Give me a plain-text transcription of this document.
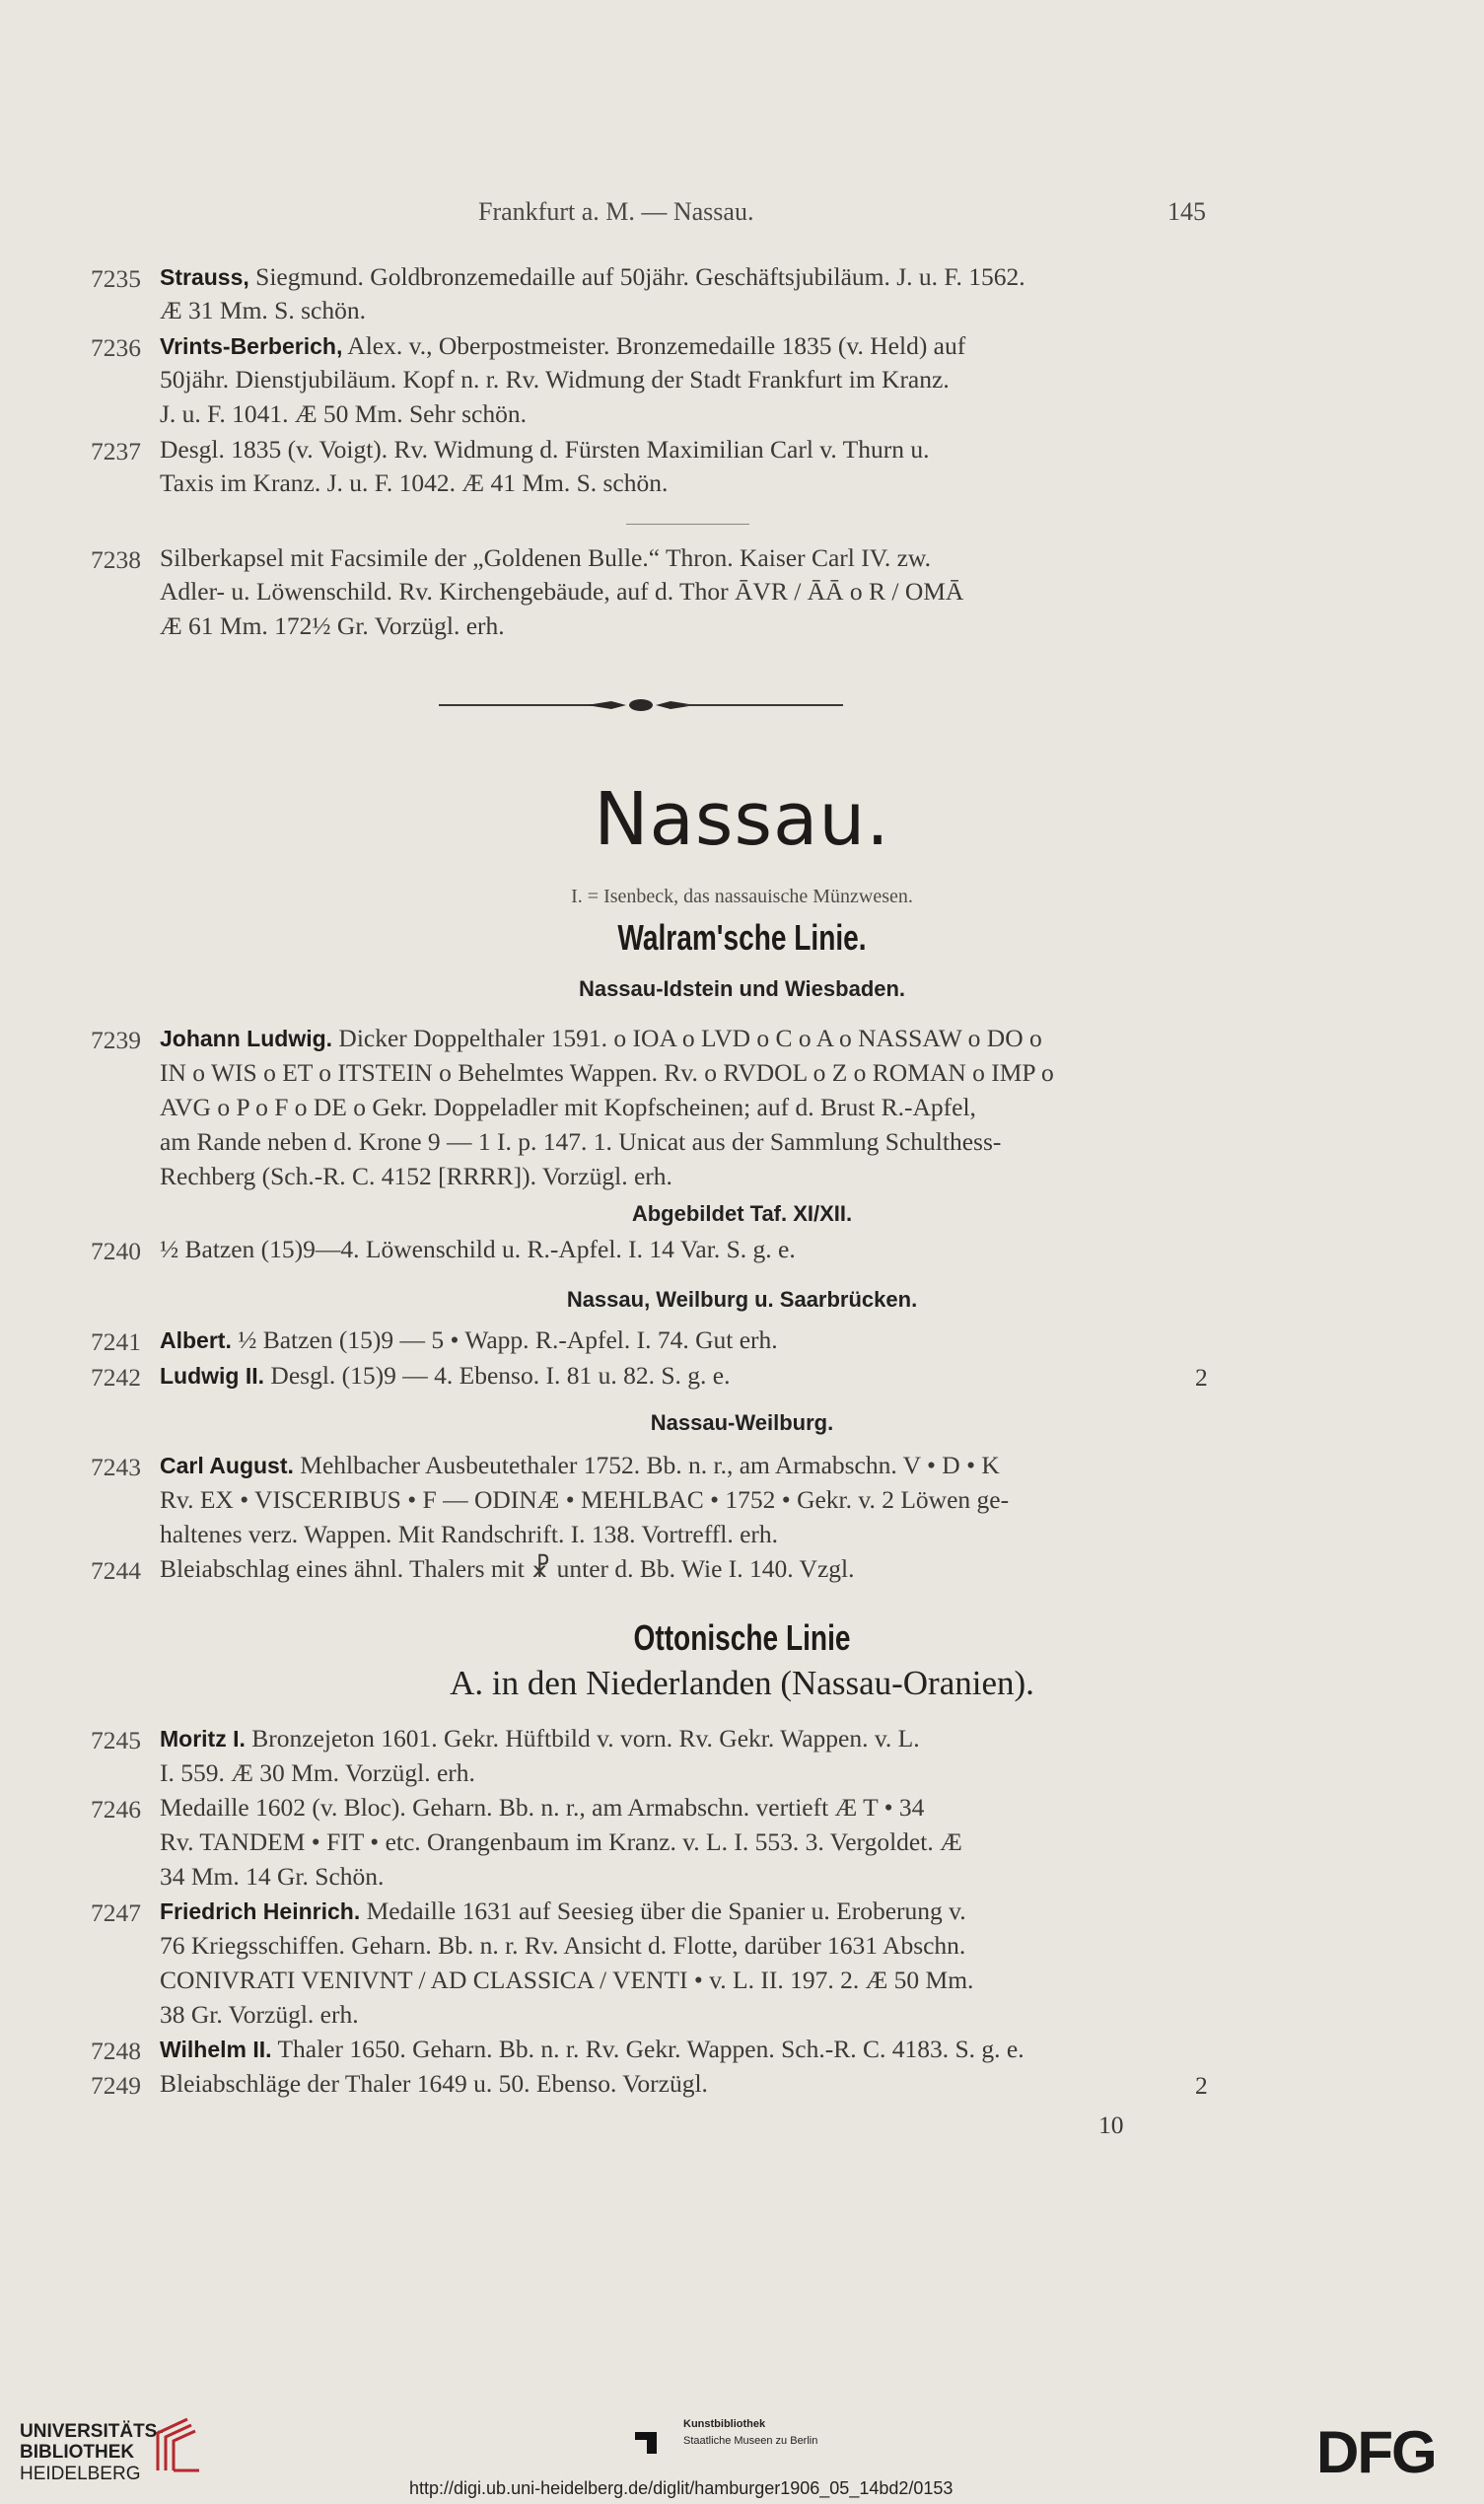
Frankfurt a. M. — Nassau.	145
7235 Strauss, Siegmund. Goldbronzemedaille auf 50jähr. Geschäftsjubiläum. J. u. F. 1562.
Æ 31 Mm. S. schön.
7236 Vrints-Berberich, Alex. v., Oberpostmeister. Bronzemedaille 1835 (v. Held) auf
50jähr. Dienstjubiläum. Kopf n. r. Rv. Widmung der Stadt Frankfurt im Kranz.
J. u. F. 1041. Æ 50 Mm. Sehr schön.
7237 Desgl. 1835 (v. Voigt). Rv. Widmung d. Fürsten Maximilian Carl v. Thurn u.
Taxis im Kranz. J. u. F. 1042. Æ 41 Mm. S. schön.
7238 Silberkapsel mit Facsimile der „Goldenen Bulle.“ Thron. Kaiser Carl IV. zw.
Adler- u. Löwenschild. Rv. Kirchengebäude, auf d. Thor ĀVR / ĀĀ o R / OMĀ
Æ 61 Mm. 172½ Gr. Vorzügl. erh.
Nassau.
I. = Isenbeck, das nassauische Münzwesen.
Walram'sche Linie.
Nassau-Idstein und Wiesbaden.
7239 Johann Ludwig. Dicker Doppelthaler 1591. o IOA o LVD o C o A o NASSAW o DO o
IN o WIS o ET o ITSTEIN o Behelmtes Wappen. Rv. o RVDOL o Z o ROMAN o IMP o
AVG o P o F o DE o Gekr. Doppeladler mit Kopfscheinen; auf d. Brust R.-Apfel,
am Rande neben d. Krone 9 — 1 I. p. 147. 1. Unicat aus der Sammlung Schulthess-
Rechberg (Sch.-R. C. 4152 [RRRR]). Vorzügl. erh.
Abgebildet Taf. XI/XII.
7240 ½ Batzen (15)9—4. Löwenschild u. R.-Apfel. I. 14 Var. S. g. e.
Nassau, Weilburg u. Saarbrücken.
7241 Albert. ½ Batzen (15)9 — 5 • Wapp. R.-Apfel. I. 74. Gut erh.
7242 Ludwig II. Desgl. (15)9 — 4. Ebenso. I. 81 u. 82. S. g. e.	2
Nassau-Weilburg.
7243 Carl August. Mehlbacher Ausbeutethaler 1752. Bb. n. r., am Armabschn. V • D • K
Rv. EX • VISCERIBUS • F — ODINÆ • MEHLBAC • 1752 • Gekr. v. 2 Löwen ge-
haltenes verz. Wappen. Mit Randschrift. I. 138. Vortreffl. erh.
7244 Bleiabschlag eines ähnl. Thalers mit ☧ unter d. Bb. Wie I. 140. Vzgl.
Ottonische Linie
A. in den Niederlanden (Nassau-Oranien).
7245 Moritz I. Bronzejeton 1601. Gekr. Hüftbild v. vorn. Rv. Gekr. Wappen. v. L.
I. 559. Æ 30 Mm. Vorzügl. erh.
7246 Medaille 1602 (v. Bloc). Geharn. Bb. n. r., am Armabschn. vertieft Æ T • 34
Rv. TANDEM • FIT • etc. Orangenbaum im Kranz. v. L. I. 553. 3. Vergoldet. Æ
34 Mm. 14 Gr. Schön.
7247 Friedrich Heinrich. Medaille 1631 auf Seesieg über die Spanier u. Eroberung v.
76 Kriegsschiffen. Geharn. Bb. n. r. Rv. Ansicht d. Flotte, darüber 1631 Abschn.
CONIVRATI VENIVNT / AD CLASSICA / VENTI • v. L. II. 197. 2. Æ 50 Mm.
38 Gr. Vorzügl. erh.
7248 Wilhelm II. Thaler 1650. Geharn. Bb. n. r. Rv. Gekr. Wappen. Sch.-R. C. 4183. S. g. e.
7249 Bleiabschläge der Thaler 1649 u. 50. Ebenso. Vorzügl.	2
10
UNIVERSITÄTS-
BIBLIOTHEK
HEIDELBERG
Kunstbibliothek
Staatliche Museen zu Berlin	DFG
http://digi.ub.uni-heidelberg.de/diglit/hamburger1906_05_14bd2/0153
